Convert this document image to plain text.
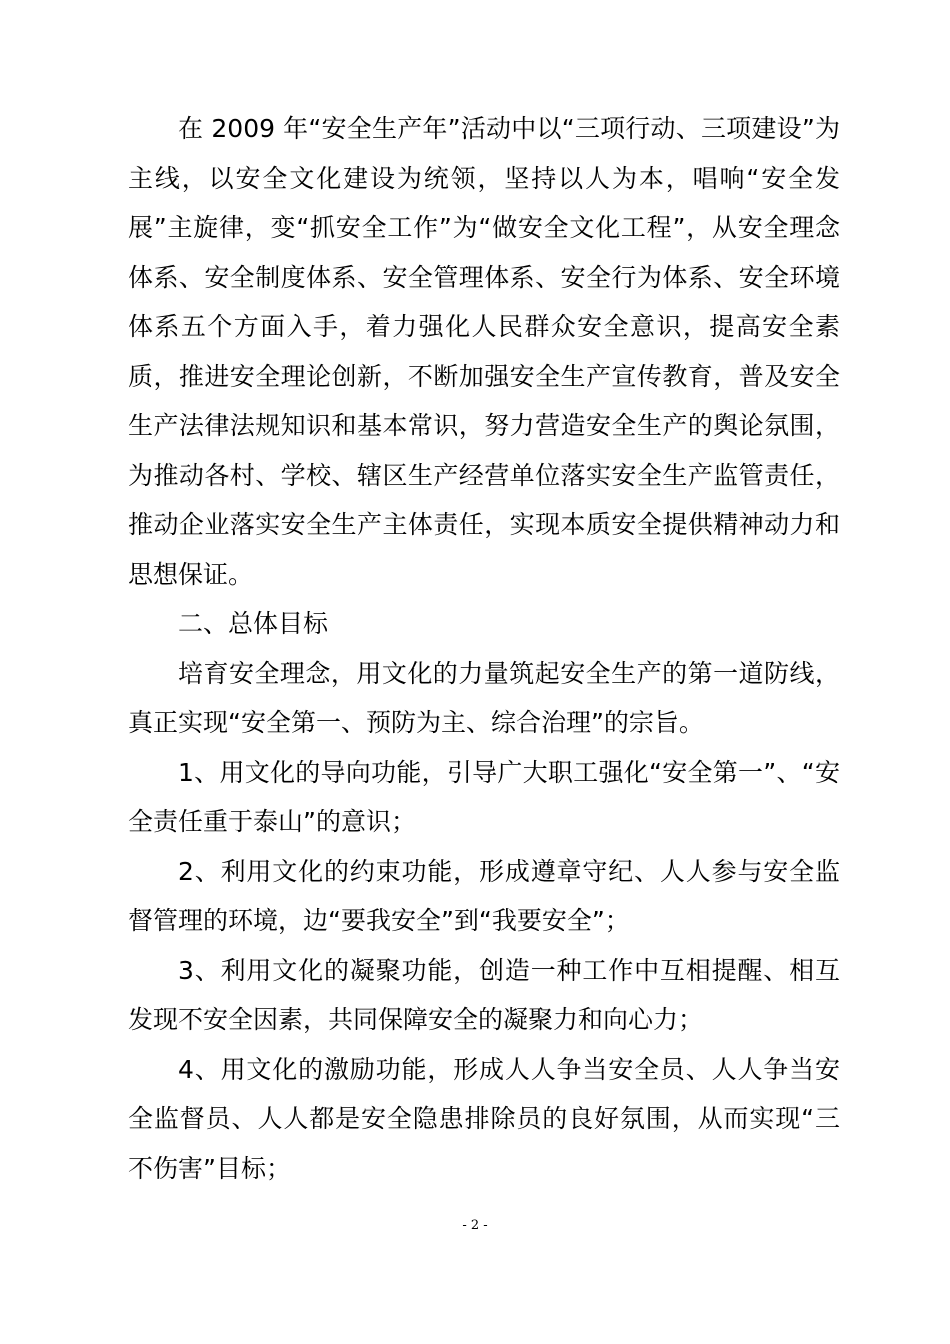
在 2009 年“安全生产年”活动中以“三项行动、三项建设”为主线，以安全文化建设为统领，坚持以人为本，唱响“安全发展”主旋律，变“抓安全工作”为“做安全文化工程”，从安全理念体系、安全制度体系、安全管理体系、安全行为体系、安全环境体系五个方面入手，着力强化人民群众安全意识，提高安全素质，推进安全理论创新，不断加强安全生产宣传教育，普及安全生产法律法规知识和基本常识，努力营造安全生产的舆论氛围，为推动各村、学校、辖区生产经营单位落实安全生产监管责任，推动企业落实安全生产主体责任，实现本质安全提供精神动力和思想保证。

二、总体目标

培育安全理念，用文化的力量筑起安全生产的第一道防线，真正实现“安全第一、预防为主、综合治理”的宗旨。

1、用文化的导向功能，引导广大职工强化“安全第一”、“安全责任重于泰山”的意识；

2、利用文化的约束功能，形成遵章守纪、人人参与安全监督管理的环境，边“要我安全”到“我要安全”；

3、利用文化的凝聚功能，创造一种工作中互相提醒、相互发现不安全因素，共同保障安全的凝聚力和向心力；

4、用文化的激励功能，形成人人争当安全员、人人争当安全监督员、人人都是安全隐患排除员的良好氛围，从而实现“三不伤害”目标；

- 2 -
